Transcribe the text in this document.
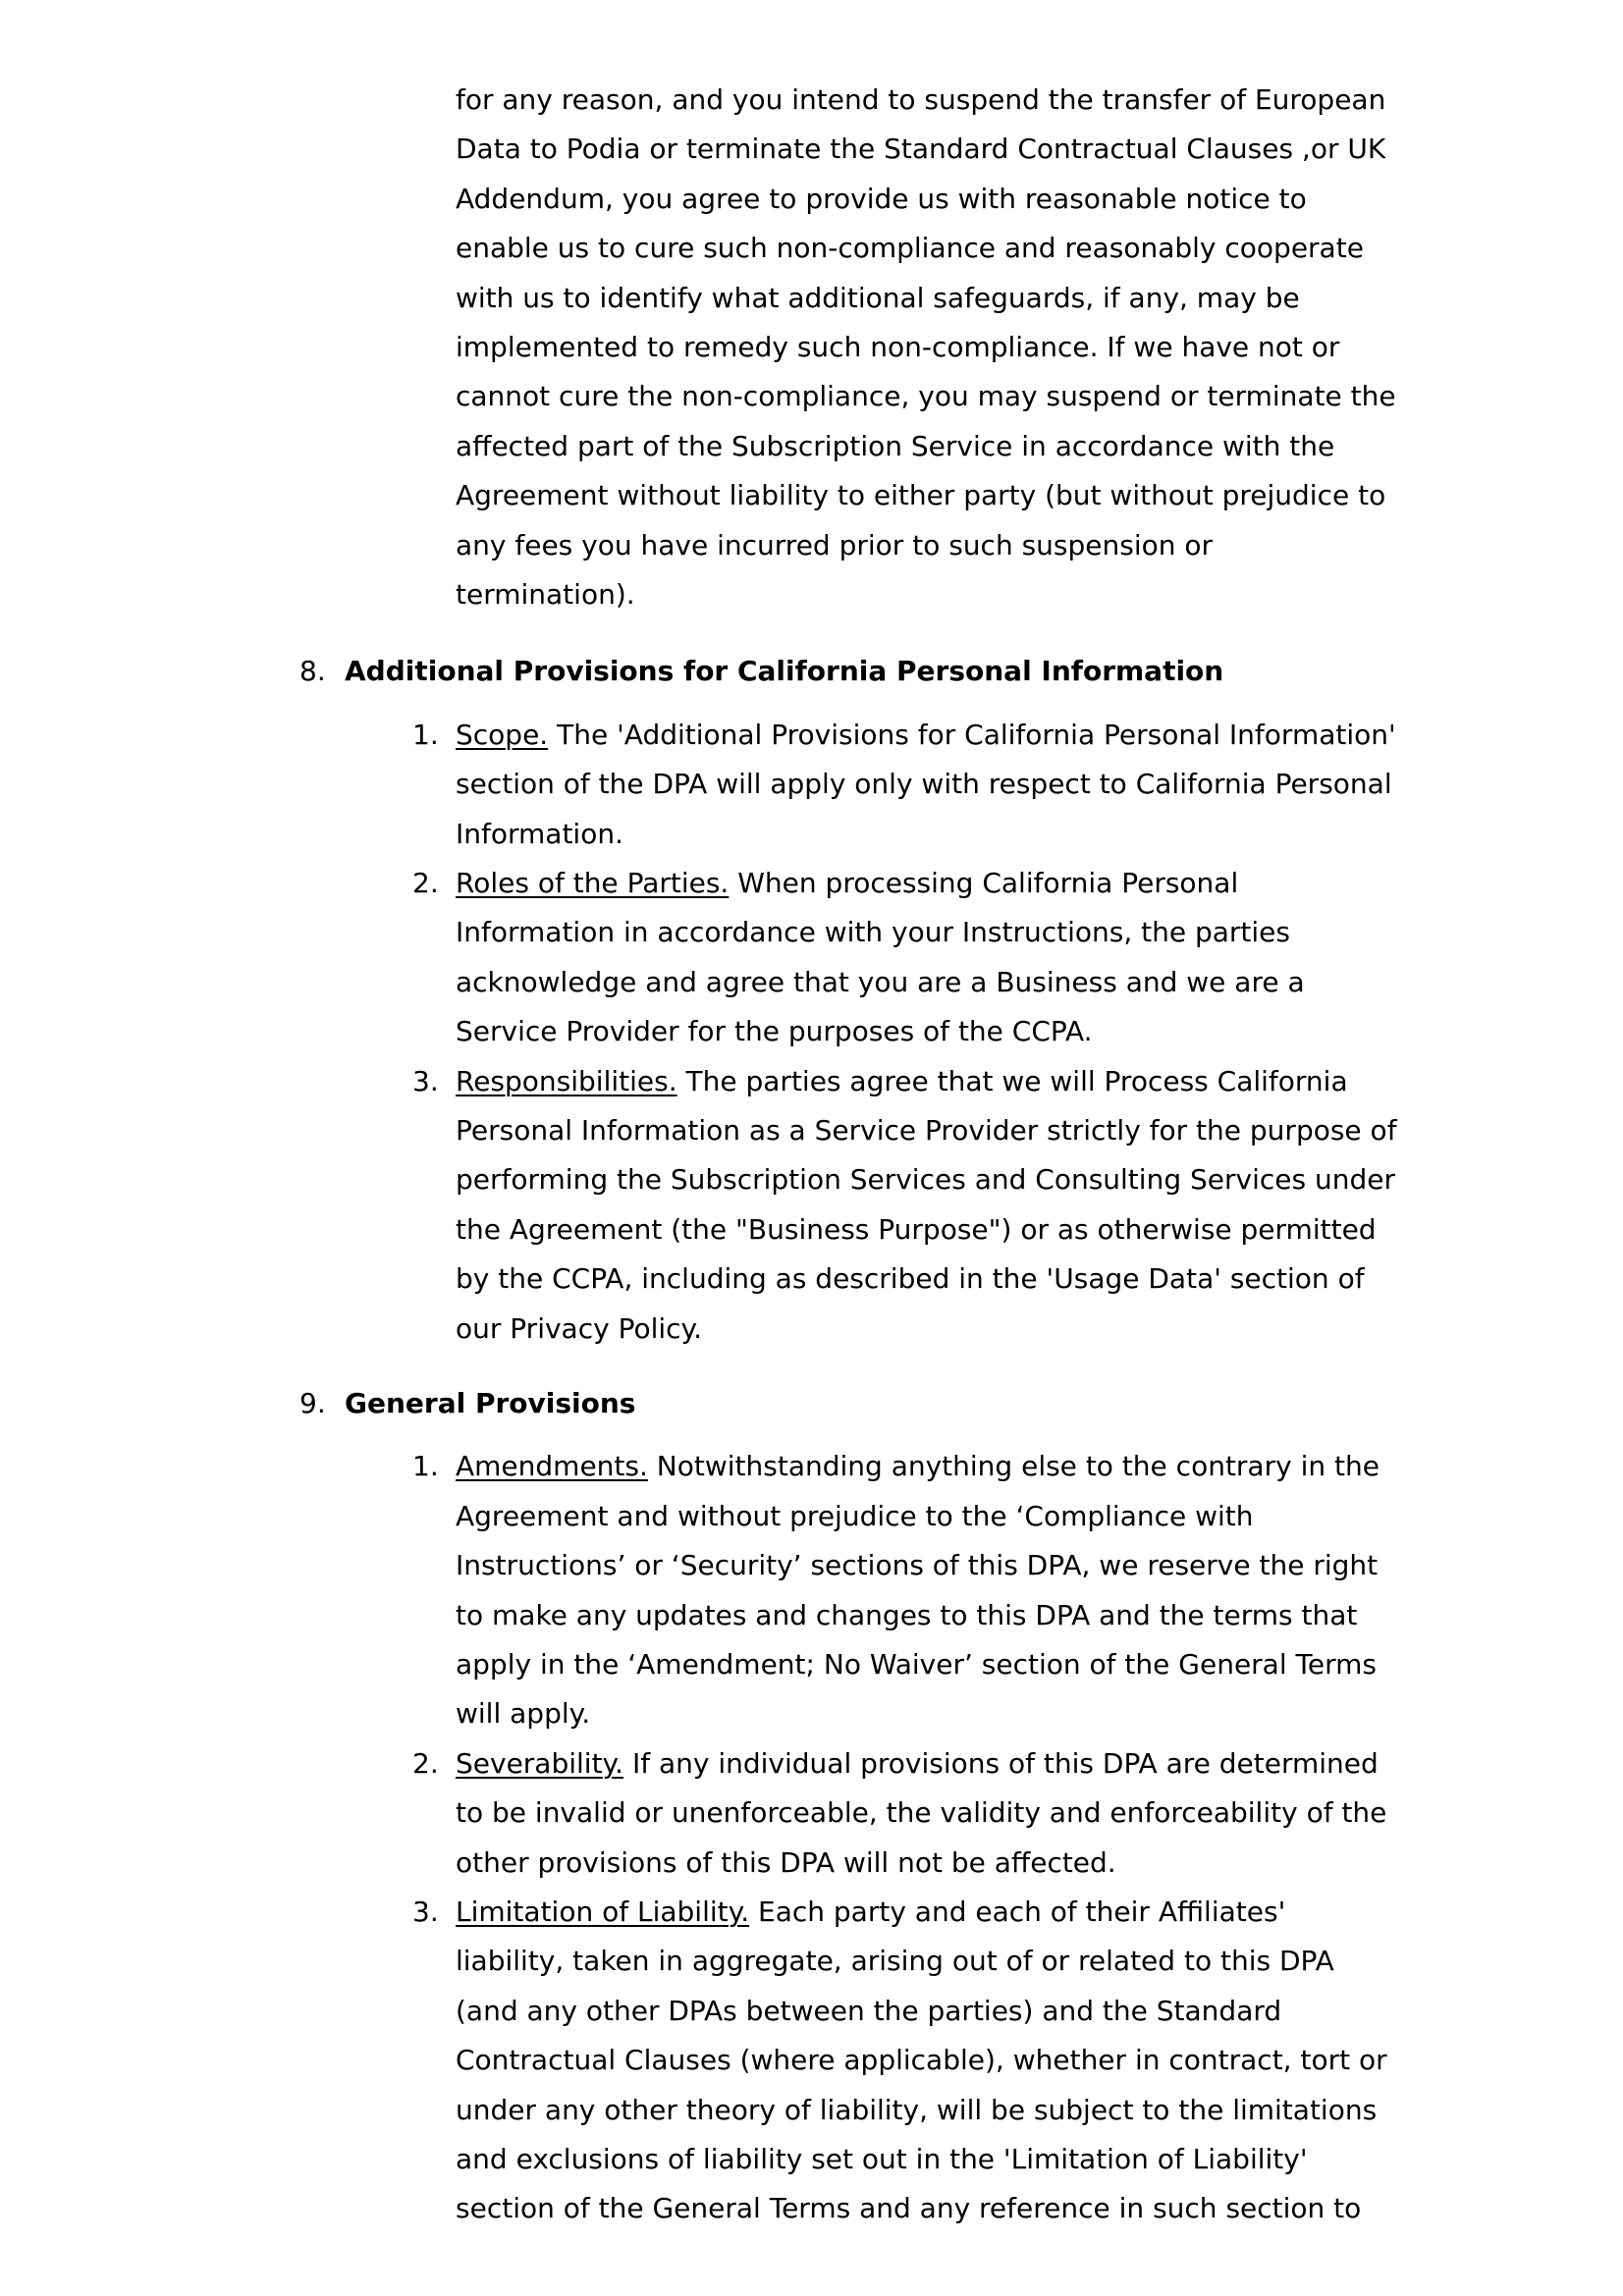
for any reason, and you intend to suspend the transfer of European
Data to Podia or terminate the Standard Contractual Clauses ,or UK
Addendum, you agree to provide us with reasonable notice to
enable us to cure such non-compliance and reasonably cooperate
with us to identify what additional safeguards, if any, may be
implemented to remedy such non-compliance. If we have not or
cannot cure the non-compliance, you may suspend or terminate the
affected part of the Subscription Service in accordance with the
Agreement without liability to either party (but without prejudice to
any fees you have incurred prior to such suspension or
termination).
8. Additional Provisions for California Personal Information
1. Scope. The 'Additional Provisions for California Personal Information'
section of the DPA will apply only with respect to California Personal
Information.
2. Roles of the Parties. When processing California Personal
Information in accordance with your Instructions, the parties
acknowledge and agree that you are a Business and we are a
Service Provider for the purposes of the CCPA.
3. Responsibilities. The parties agree that we will Process California
Personal Information as a Service Provider strictly for the purpose of
performing the Subscription Services and Consulting Services under
the Agreement (the "Business Purpose") or as otherwise permitted
by the CCPA, including as described in the 'Usage Data' section of
our Privacy Policy.
9. General Provisions
1. Amendments. Notwithstanding anything else to the contrary in the
Agreement and without prejudice to the ‘Compliance with
Instructions’ or ‘Security’ sections of this DPA, we reserve the right
to make any updates and changes to this DPA and the terms that
apply in the ‘Amendment; No Waiver’ section of the General Terms
will apply.
2. Severability. If any individual provisions of this DPA are determined
to be invalid or unenforceable, the validity and enforceability of the
other provisions of this DPA will not be affected.
3. Limitation of Liability. Each party and each of their Affiliates'
liability, taken in aggregate, arising out of or related to this DPA
(and any other DPAs between the parties) and the Standard
Contractual Clauses (where applicable), whether in contract, tort or
under any other theory of liability, will be subject to the limitations
and exclusions of liability set out in the 'Limitation of Liability'
section of the General Terms and any reference in such section to
